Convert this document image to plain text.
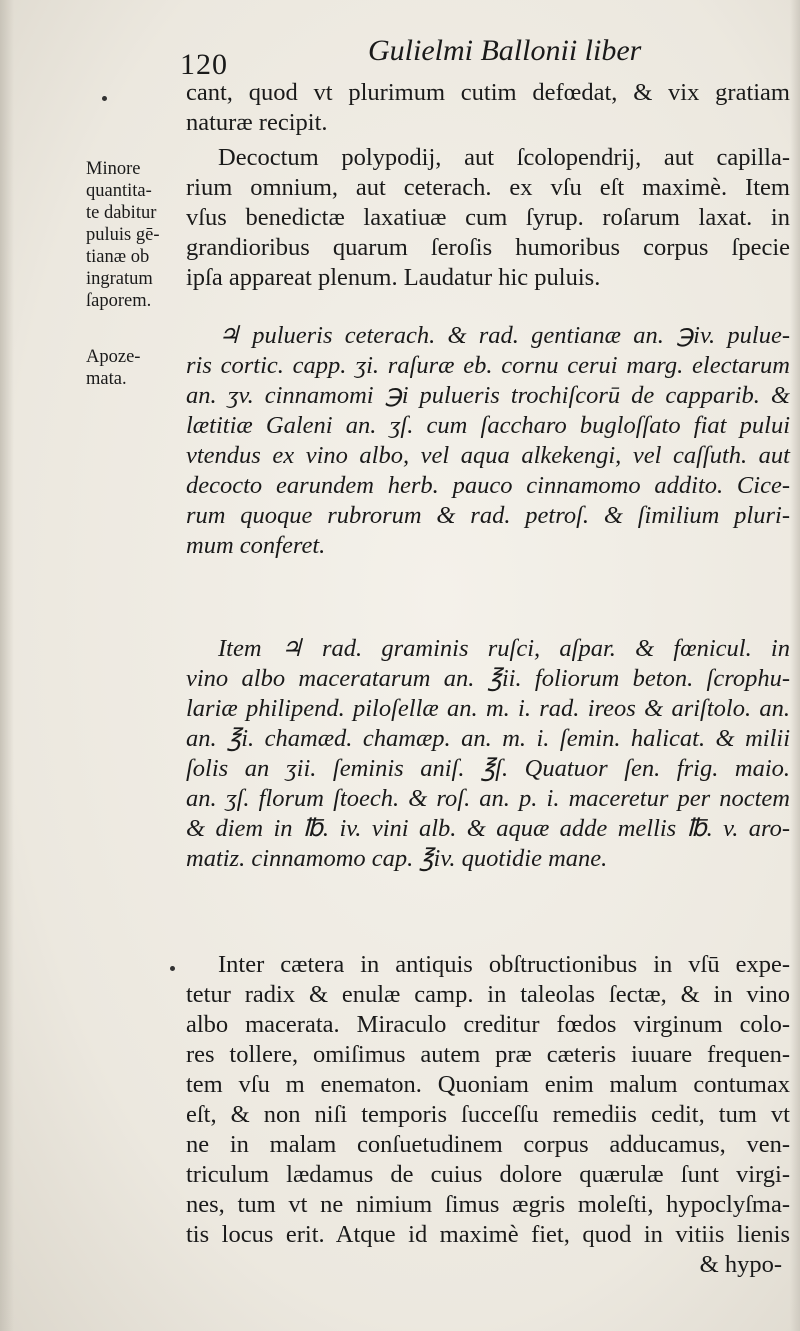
120	Gulielmi Ballonii liber
Minore
quantita-
te dabitur
puluis gē-
tianæ ob
ingratum
ſaporem.
Apoze-
mata.
cant, quod vt plurimum cutim defœdat, & vix gratiam
naturæ recipit.
Decoctum polypodij, aut ſcolopendrij, aut capilla-
rium omnium, aut ceterach. ex vſu eſt maximè. Item
vſus benedictæ laxatiuæ cum ſyrup. roſarum laxat. in
grandioribus quarum ſeroſis humoribus corpus ſpecie
ipſa appareat plenum. Laudatur hic puluis.
♃ pulueris ceterach. & rad. gentianæ an. ℈iv. pulue-
ris cortic. capp. ʒi. raſuræ eb. cornu cerui marg. electarum
an. ʒv. cinnamomi ℈i pulueris trochiſcorū de capparib. &
lætitiæ Galeni an. ʒſ. cum ſaccharo bugloſſato fiat pului
vtendus ex vino albo, vel aqua alkekengi, vel caſſuth. aut
decocto earundem herb. pauco cinnamomo addito. Cice-
rum quoque rubrorum & rad. petroſ. & ſimilium pluri-
mum conferet.
Item ♃ rad. graminis ruſci, aſpar. & fœnicul. in
vino albo maceratarum an. ℥ii. foliorum beton. ſcrophu-
lariæ philipend. piloſellæ an. m. i. rad. ireos & ariſtolo. an.
an. ℥i. chamæd. chamæp. an. m. i. ſemin. halicat. & milii
ſolis an ʒii. ſeminis aniſ. ℥ſ. Quatuor ſen. frig. maio.
an. ʒſ. florum ſtoech. & roſ. an. p. i. maceretur per noctem
& diem in ℔. iv. vini alb. & aquæ adde mellis ℔. v. aro-
matiz. cinnamomo cap. ℥iv. quotidie mane.
Inter cætera in antiquis obſtructionibus in vſū expe-
tetur radix & enulæ camp. in taleolas ſectæ, & in vino
albo macerata. Miraculo creditur fœdos virginum colo-
res tollere, omiſimus autem præ cæteris iuuare frequen-
tem vſu m enematon. Quoniam enim malum contumax
eſt, & non niſi temporis ſucceſſu remediis cedit, tum vt
ne in malam conſuetudinem corpus adducamus, ven-
triculum lædamus de cuius dolore quærulæ ſunt virgi-
nes, tum vt ne nimium ſimus ægris moleſti, hypoclyſma-
tis locus erit. Atque id maximè fiet, quod in vitiis lienis
& hypo-
